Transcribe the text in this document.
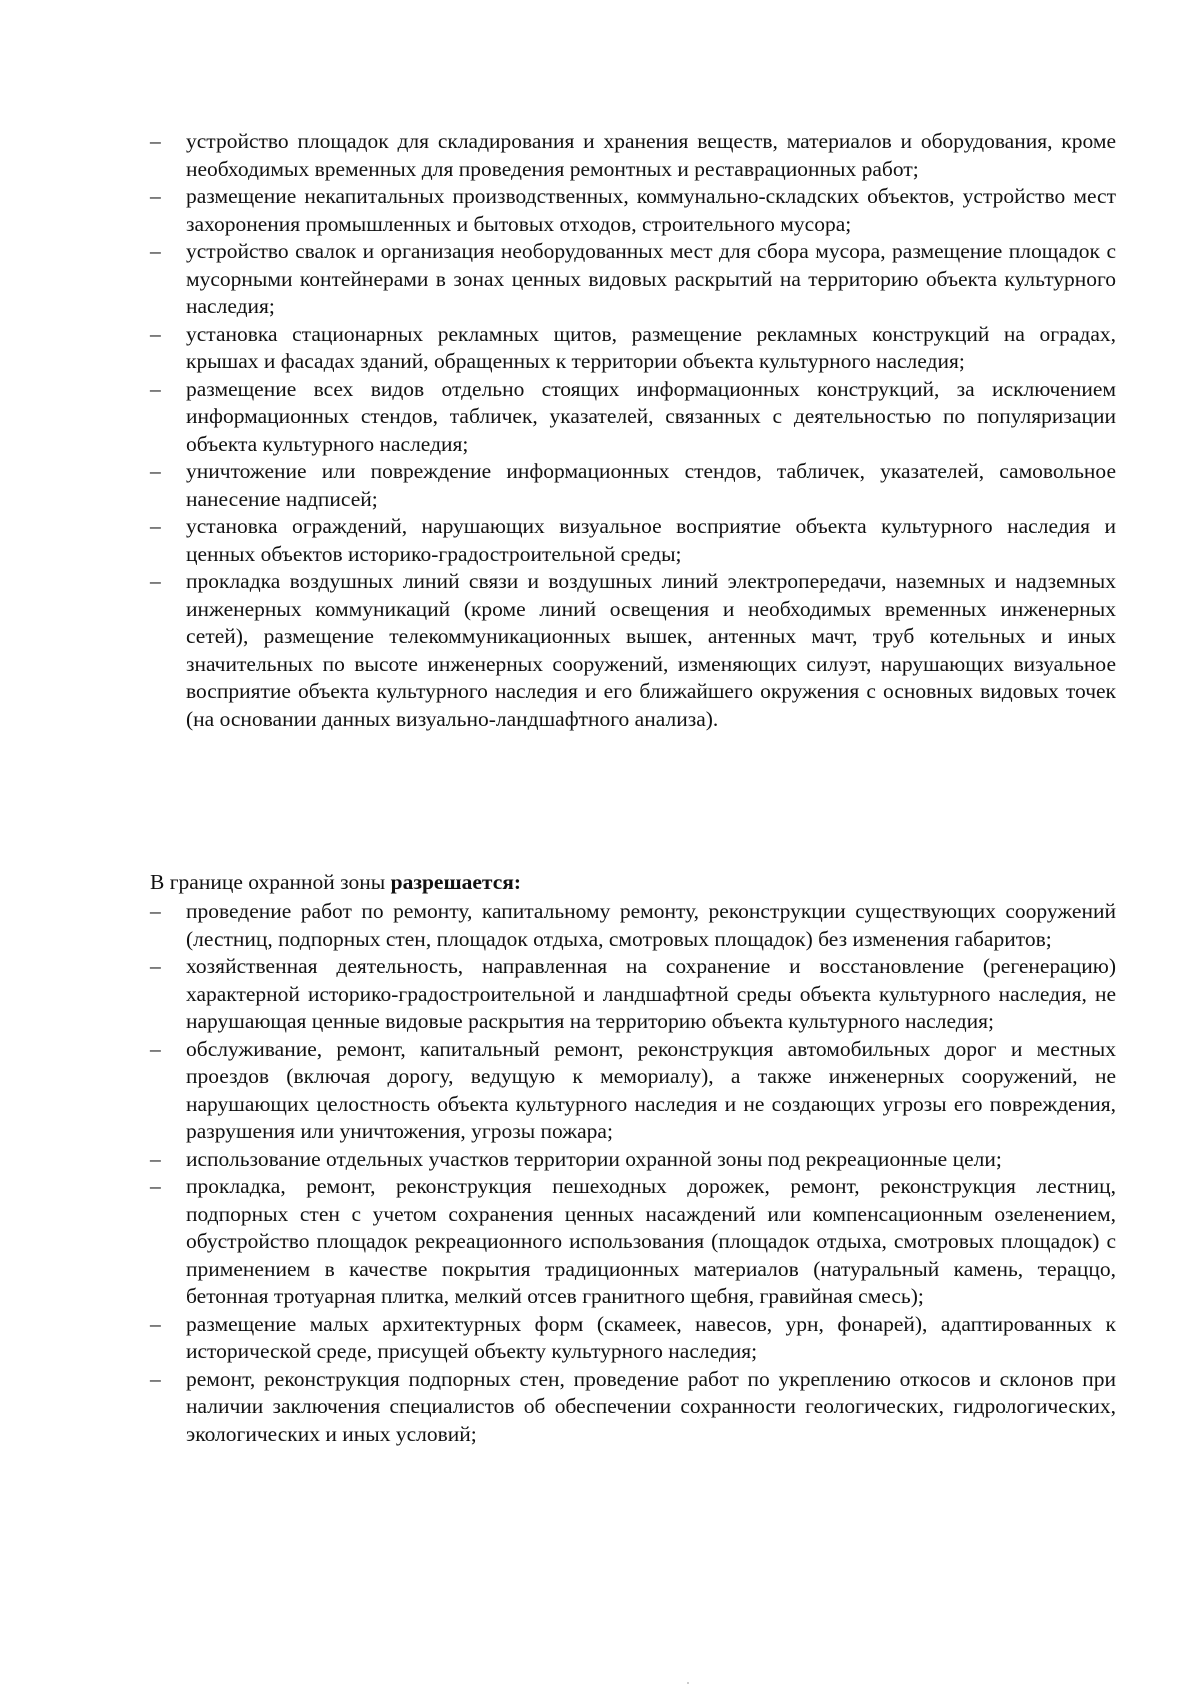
–	устройство площадок для складирования и хранения веществ, материалов и оборудования, кроме необходимых временных для проведения ремонтных и реставрационных работ;
–	размещение некапитальных производственных, коммунально-складских объектов, устройство мест захоронения промышленных и бытовых отходов, строительного мусора;
–	устройство свалок и организация необорудованных мест для сбора мусора, размещение площадок с мусорными контейнерами в зонах ценных видовых раскрытий на территорию объекта культурного наследия;
–	установка стационарных рекламных щитов, размещение рекламных конструкций на оградах, крышах и фасадах зданий, обращенных к территории объекта культурного наследия;
–	размещение всех видов отдельно стоящих информационных конструкций, за исключением информационных стендов, табличек, указателей, связанных с деятельностью по популяризации объекта культурного наследия;
–	уничтожение или повреждение информационных стендов, табличек, указателей, самовольное нанесение надписей;
–	установка ограждений, нарушающих визуальное восприятие объекта культурного наследия и ценных объектов историко-градостроительной среды;
–	прокладка воздушных линий связи и воздушных линий электропередачи, наземных и надземных инженерных коммуникаций (кроме линий освещения и необходимых временных инженерных сетей), размещение телекоммуникационных вышек, антенных мачт, труб котельных и иных значительных по высоте инженерных сооружений, изменяющих силуэт, нарушающих визуальное восприятие объекта культурного наследия и его ближайшего окружения с основных видовых точек (на основании данных визуально-ландшафтного анализа).

В границе охранной зоны разрешается:

–	проведение работ по ремонту, капитальному ремонту, реконструкции существующих сооружений (лестниц, подпорных стен, площадок отдыха, смотровых площадок) без изменения габаритов;
–	хозяйственная деятельность, направленная на сохранение и восстановление (регенерацию) характерной историко-градостроительной и ландшафтной среды объекта культурного наследия, не нарушающая ценные видовые раскрытия на территорию объекта культурного наследия;
–	обслуживание, ремонт, капитальный ремонт, реконструкция автомобильных дорог и местных проездов (включая дорогу, ведущую к мемориалу), а также инженерных сооружений, не нарушающих целостность объекта культурного наследия и не создающих угрозы его повреждения, разрушения или уничтожения, угрозы пожара;
–	использование отдельных участков территории охранной зоны под рекреационные цели;
–	прокладка, ремонт, реконструкция пешеходных дорожек, ремонт, реконструкция лестниц, подпорных стен с учетом сохранения ценных насаждений или компенсационным озеленением, обустройство площадок рекреационного использования (площадок отдыха, смотровых площадок) с применением в качестве покрытия традиционных материалов (натуральный камень, тераццо, бетонная тротуарная плитка, мелкий отсев гранитного щебня, гравийная смесь);
–	размещение малых архитектурных форм (скамеек, навесов, урн, фонарей), адаптированных к исторической среде, присущей объекту культурного наследия;
–	ремонт, реконструкция подпорных стен, проведение работ по укреплению откосов и склонов при наличии заключения специалистов об обеспечении сохранности геологических, гидрологических, экологических и иных условий;
